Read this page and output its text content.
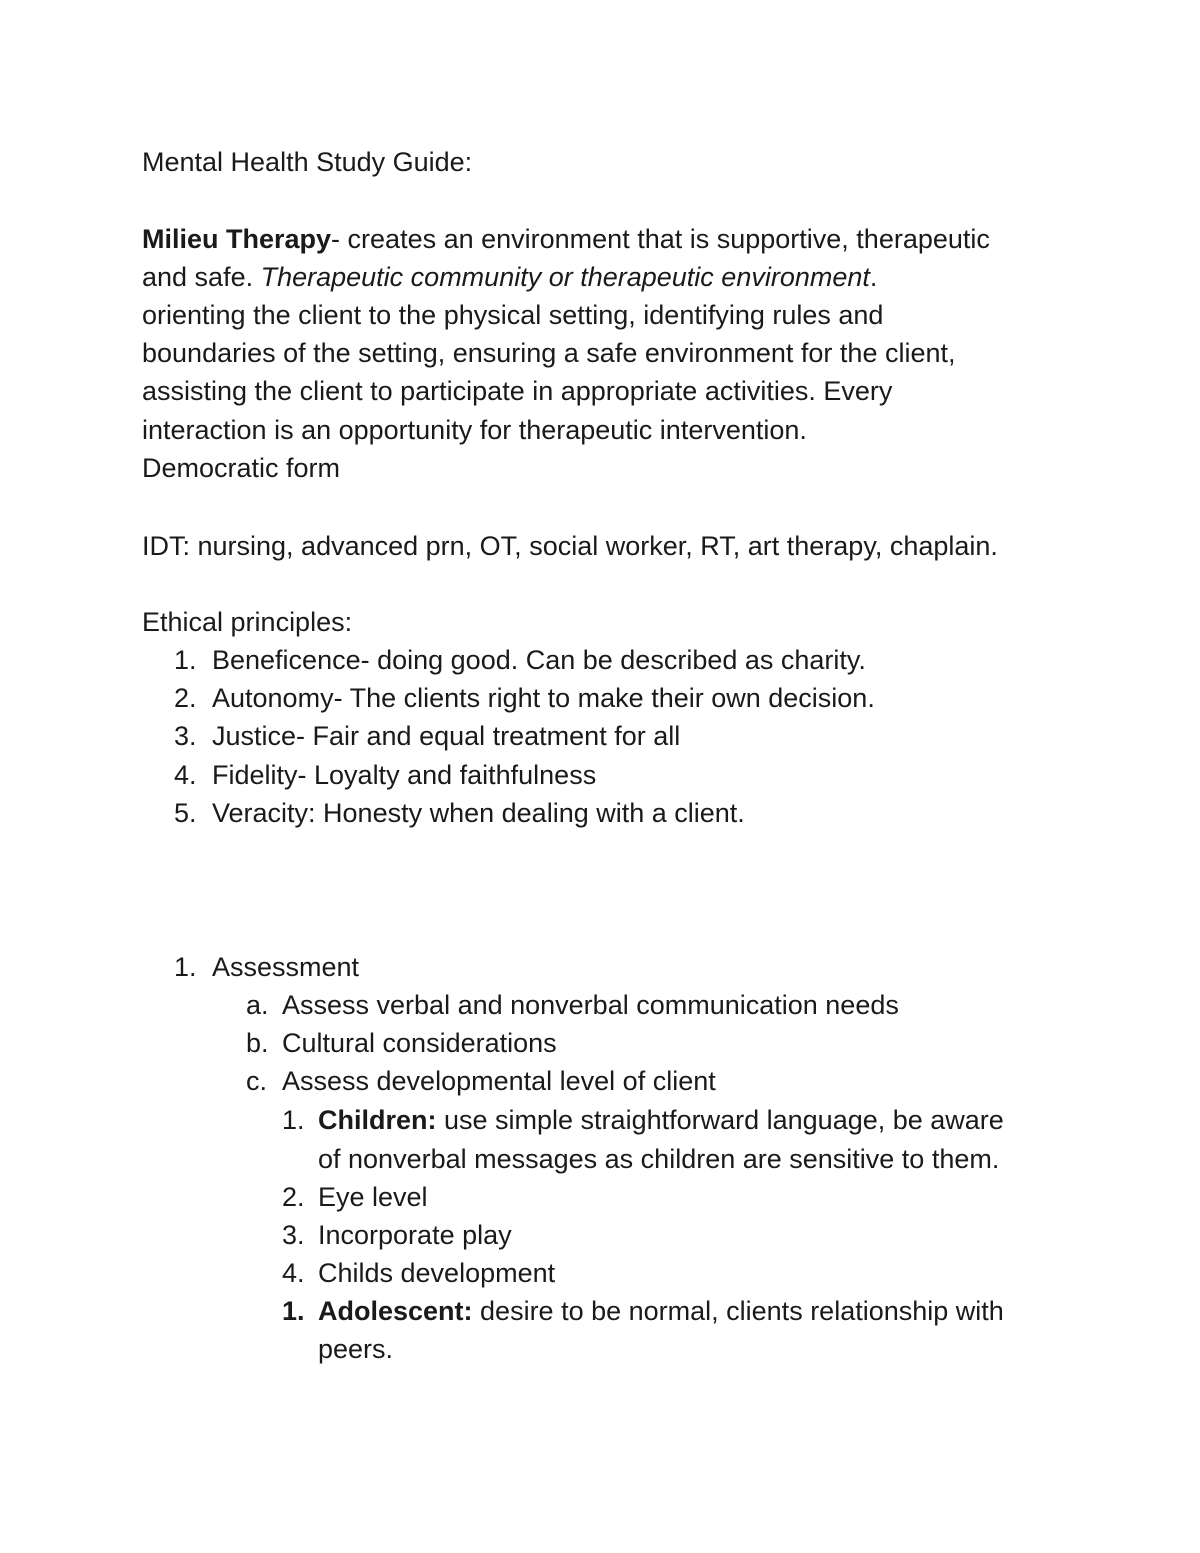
Mental Health Study Guide:
Milieu Therapy- creates an environment that is supportive, therapeutic
and safe. Therapeutic community or therapeutic environment.
orienting the client to the physical setting, identifying rules and
boundaries of the setting, ensuring a safe environment for the client,
assisting the client to participate in appropriate activities. Every
interaction is an opportunity for therapeutic intervention.
Democratic form
IDT: nursing, advanced prn, OT, social worker, RT, art therapy, chaplain.
Ethical principles:
1. Beneficence- doing good. Can be described as charity.
2. Autonomy- The clients right to make their own decision.
3. Justice- Fair and equal treatment for all
4. Fidelity- Loyalty and faithfulness
5. Veracity: Honesty when dealing with a client.
1. Assessment
a. Assess verbal and nonverbal communication needs
b. Cultural considerations
c. Assess developmental level of client
1. Children: use simple straightforward language, be aware
of nonverbal messages as children are sensitive to them.
2. Eye level
3. Incorporate play
4. Childs development
1. Adolescent: desire to be normal, clients relationship with
peers.
